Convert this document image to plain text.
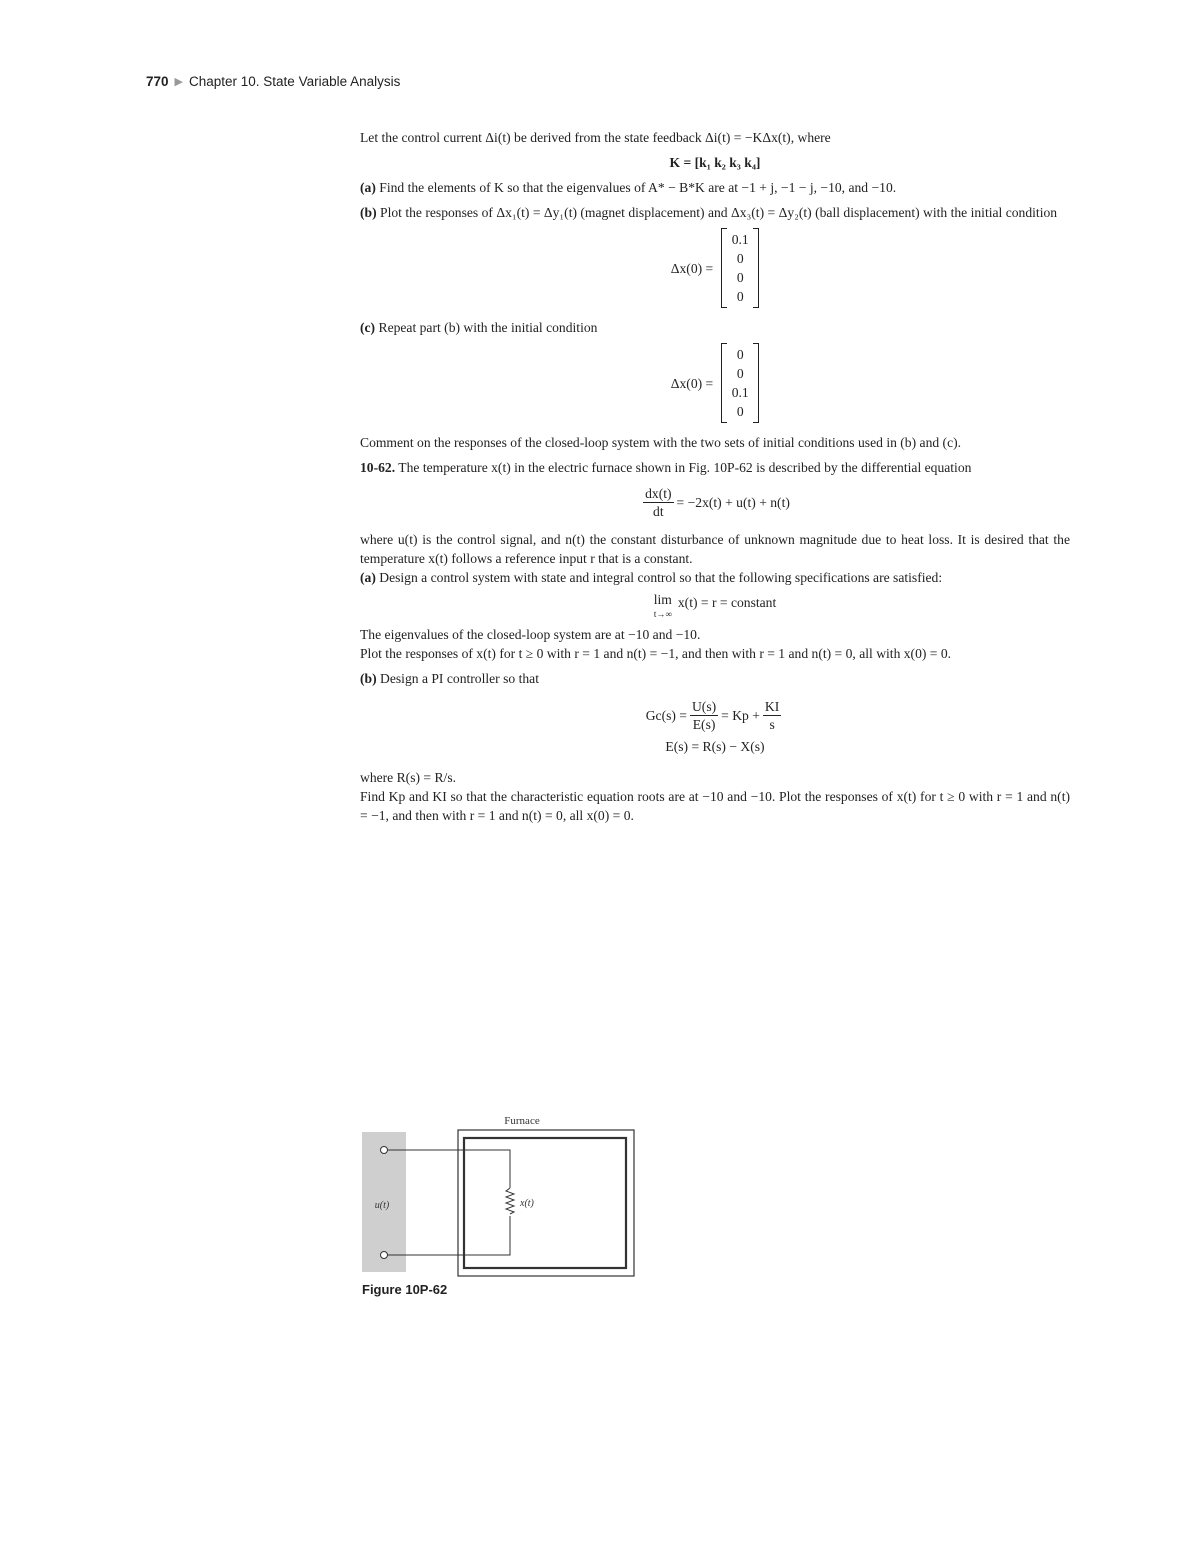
770 ▶ Chapter 10. State Variable Analysis

Let the control current Δi(t) be derived from the state feedback Δi(t) = −KΔx(t), where

K = [k₁ k₂ k₃ k₄]

(a) Find the elements of K so that the eigenvalues of A* − B*K are at −1 + j, −1 − j, −10, and −10.

(b) Plot the responses of Δx₁(t) = Δy₁(t) (magnet displacement) and Δx₃(t) = Δy₂(t) (ball displacement) with the initial condition

Δx(0) =
0.1
0
0
0

(c) Repeat part (b) with the initial condition

Δx(0) =
0
0
0.1
0

Comment on the responses of the closed-loop system with the two sets of initial conditions used in (b) and (c).

10-62. The temperature x(t) in the electric furnace shown in Fig. 10P-62 is described by the differential equation

$\frac{dx(t)}{dt} = -2x(t) + u(t) + n(t)$

where u(t) is the control signal, and n(t) the constant disturbance of unknown magnitude due to heat loss. It is desired that the temperature x(t) follows a reference input r that is a constant.

(a) Design a control system with state and integral control so that the following specifications are satisfied:

lim
t→∞
x(t) = r = constant

The eigenvalues of the closed-loop system are at −10 and −10.

Plot the responses of x(t) for t ≥ 0 with r = 1 and n(t) = −1, and then with r = 1 and n(t) = 0, all with x(0) = 0.

(b) Design a PI controller so that

$Gc(s) = \frac{U(s)}{E(s)} = Kp + \frac{KI}{s}$
E(s) = R(s) − X(s)

where R(s) = R/s.

Find Kp and KI so that the characteristic equation roots are at −10 and −10. Plot the responses of x(t) for t ≥ 0 with r = 1 and n(t) = −1, and then with r = 1 and n(t) = 0, all x(0) = 0.

Furnace
u(t)	x(t)
Figure 10P-62
